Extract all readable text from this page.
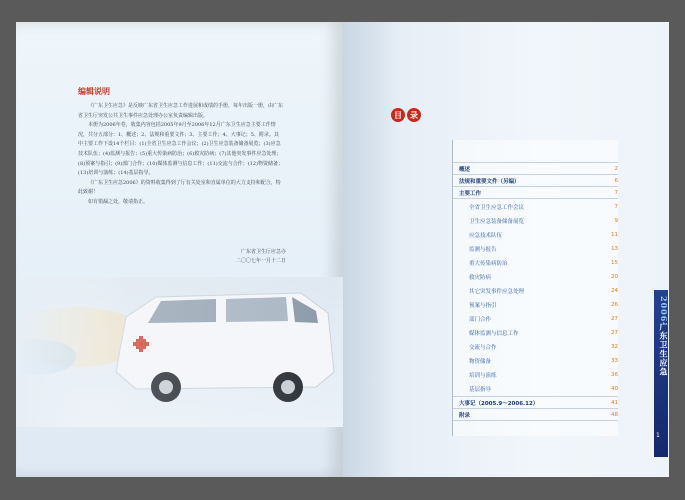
编辑说明

《广东卫生应急》是反映广东省卫生应急工作进展和成绩的手册，每年出版一册，由广东省卫生厅突发公共卫生事件应急处理办公室负责编辑出版。

本册为2006年卷，收集内容包括2005年9月至2006年12月广东卫生应急主要工作情况，共分五部分：1、概述；2、法规和重要文件；3、主要工作；4、大事记；5、附录。其中主要工作下设14个栏目：(1)全省卫生应急工作会议；(2)卫生应急装备储备展览；(3)应急技术队伍；(4)监测与报告；(5)重大传染病防治；(6)救灾防病；(7)其他突发事件应急处理；(8)预案与指引；(9)部门合作；(10)媒体监测与信息工作；(11)交流与合作；(12)物资储备；(13)培训与演练；(14)基层指导。

《广东卫生应急2006》的资料收集得到了厅有关处室和直属单位的大力支持和配合，特此致谢！

如有错漏之处，敬请指正。

广东省卫生厅应急办
二〇〇七年一月十二日
目	录
概述	2
法规和重要文件（另编）	6
主要工作	7
全省卫生应急工作会议	7
卫生应急装备储备展览	9
应急技术队伍	11
监测与报告	13
重大传染病防治	15
救灾防病	20
其它突发事件应急处理	24
预案与指引	26
部门合作	27
媒体监测与信息工作	27
交流与合作	32
物资储备	33
培训与演练	36
基层指导	40
大事记（2005.9～2006.12）	41
附录	48
2006广东卫生应急
1
